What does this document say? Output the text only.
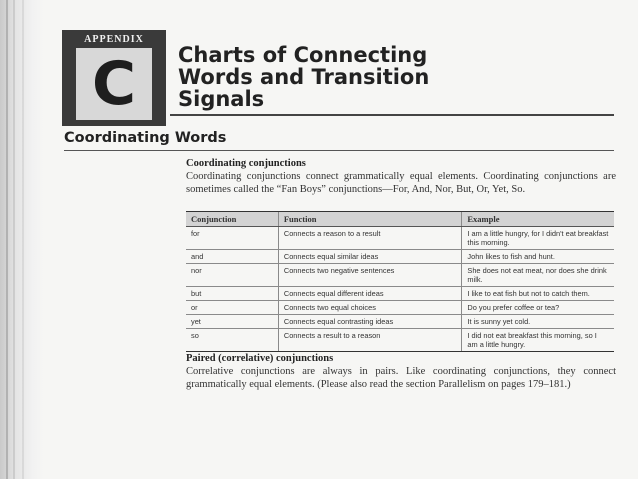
APPENDIX
C	Charts of Connecting
Words and Transition
Signals
Coordinating Words
Coordinating conjunctions
Coordinating conjunctions connect grammatically equal elements. Coordinating conjunctions are sometimes called the “Fan Boys” conjunctions—For, And, Nor, But, Or, Yet, So.
Conjunction	Function	Example
for	Connects a reason to a result	I am a little hungry, for I didn't eat breakfast this morning.
and	Connects equal similar ideas	John likes to fish and hunt.
nor	Connects two negative sentences	She does not eat meat, nor does she drink milk.
but	Connects equal different ideas	I like to eat fish but not to catch them.
or	Connects two equal choices	Do you prefer coffee or tea?
yet	Connects equal contrasting ideas	It is sunny yet cold.
so	Connects a result to a reason	I did not eat breakfast this morning, so I am a little hungry.
Paired (correlative) conjunctions
Correlative conjunctions are always in pairs. Like coordinating conjunctions, they connect grammatically equal elements. (Please also read the section Parallelism on pages 179–181.)
